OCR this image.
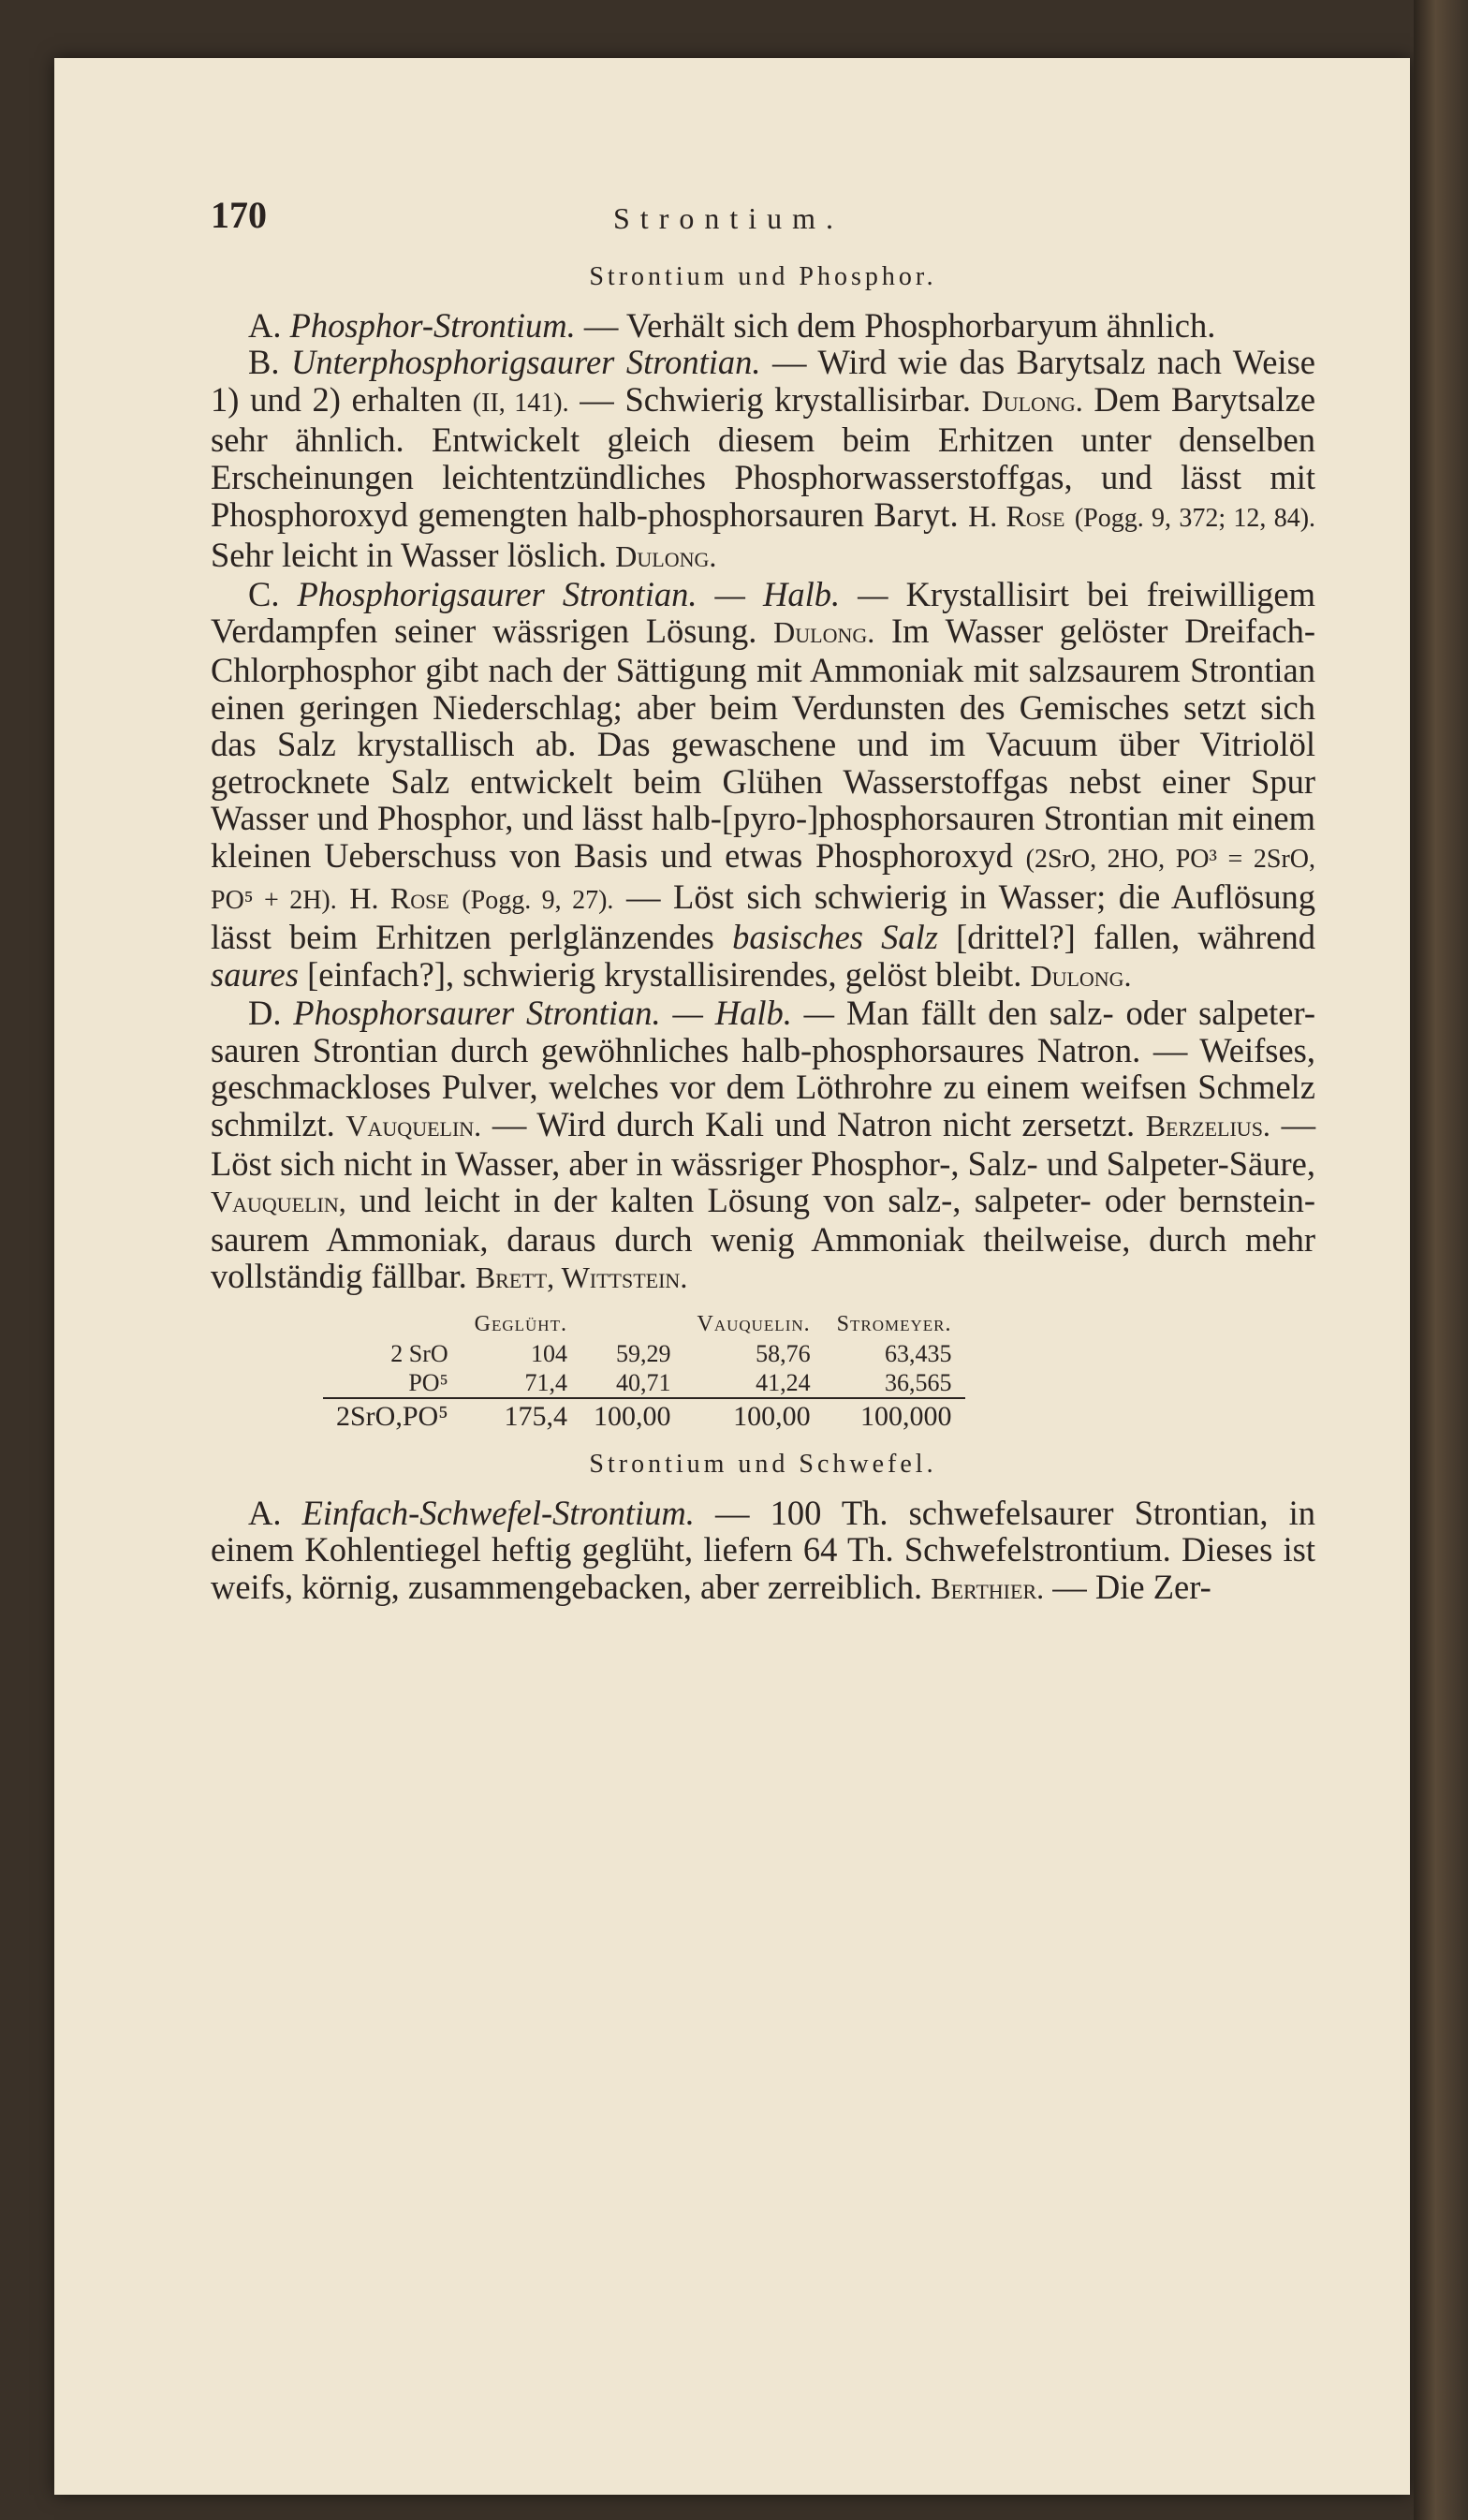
170	Strontium.
Strontium und Phosphor.

A. Phosphor-Strontium. — Verhält sich dem Phosphorbaryum ähnlich.

B. Unterphosphorigsaurer Strontian. — Wird wie das Barytsalz nach Weise 1) und 2) erhalten (II, 141). — Schwierig krystallisirbar. Dulong. Dem Barytsalze sehr ähnlich. Entwickelt gleich diesem beim Erhitzen unter denselben Erscheinungen leichtentzündliches Phosphorwasserstoffgas, und lässt mit Phosphoroxyd gemengten halb-phosphorsauren Baryt. H. Rose (Pogg. 9, 372; 12, 84). Sehr leicht in Wasser löslich. Dulong.

C. Phosphorigsaurer Strontian. — Halb. — Krystallisirt bei freiwilligem Verdampfen seiner wässrigen Lösung. Dulong. Im Wasser gelöster Dreifach-Chlorphosphor gibt nach der Sättigung mit Ammoniak mit salzsaurem Strontian einen geringen Niederschlag; aber beim Verdunsten des Gemisches setzt sich das Salz krystallisch ab. Das gewaschene und im Vacuum über Vitriolöl getrocknete Salz entwickelt beim Glühen Wasserstoffgas nebst einer Spur Wasser und Phosphor, und lässt halb-[pyro-]phosphorsauren Strontian mit einem kleinen Ueberschuss von Basis und etwas Phosphoroxyd (2SrO, 2HO, PO³ = 2SrO, PO⁵ + 2H). H. Rose (Pogg. 9, 27). — Löst sich schwierig in Wasser; die Auflösung lässt beim Erhitzen perlglänzendes basisches Salz [drittel?] fallen, während saures [einfach?], schwierig krystallisirendes, gelöst bleibt. Dulong.

D. Phosphorsaurer Strontian. — Halb. — Man fällt den salz- oder salpeter-sauren Strontian durch gewöhnliches halb-phosphorsaures Natron. — Weifses, geschmackloses Pulver, welches vor dem Löthrohre zu einem weifsen Schmelz schmilzt. Vauquelin. — Wird durch Kali und Natron nicht zersetzt. Berzelius. — Löst sich nicht in Wasser, aber in wässriger Phosphor-, Salz- und Salpeter-Säure, Vauquelin, und leicht in der kalten Lösung von salz-, salpeter- oder bernstein-saurem Ammoniak, daraus durch wenig Ammoniak theilweise, durch mehr vollständig fällbar. Brett, Wittstein.

	Geglüht.		Vauquelin.	Stromeyer.
2 SrO	104	59,29	58,76	63,435
PO⁵	71,4	40,71	41,24	36,565
2SrO,PO⁵	175,4	100,00	100,00	100,000
Strontium und Schwefel.

A. Einfach-Schwefel-Strontium. — 100 Th. schwefelsaurer Strontian, in einem Kohlentiegel heftig geglüht, liefern 64 Th. Schwefelstrontium. Dieses ist weifs, körnig, zusammengebacken, aber zerreiblich. Berthier. — Die Zer-
